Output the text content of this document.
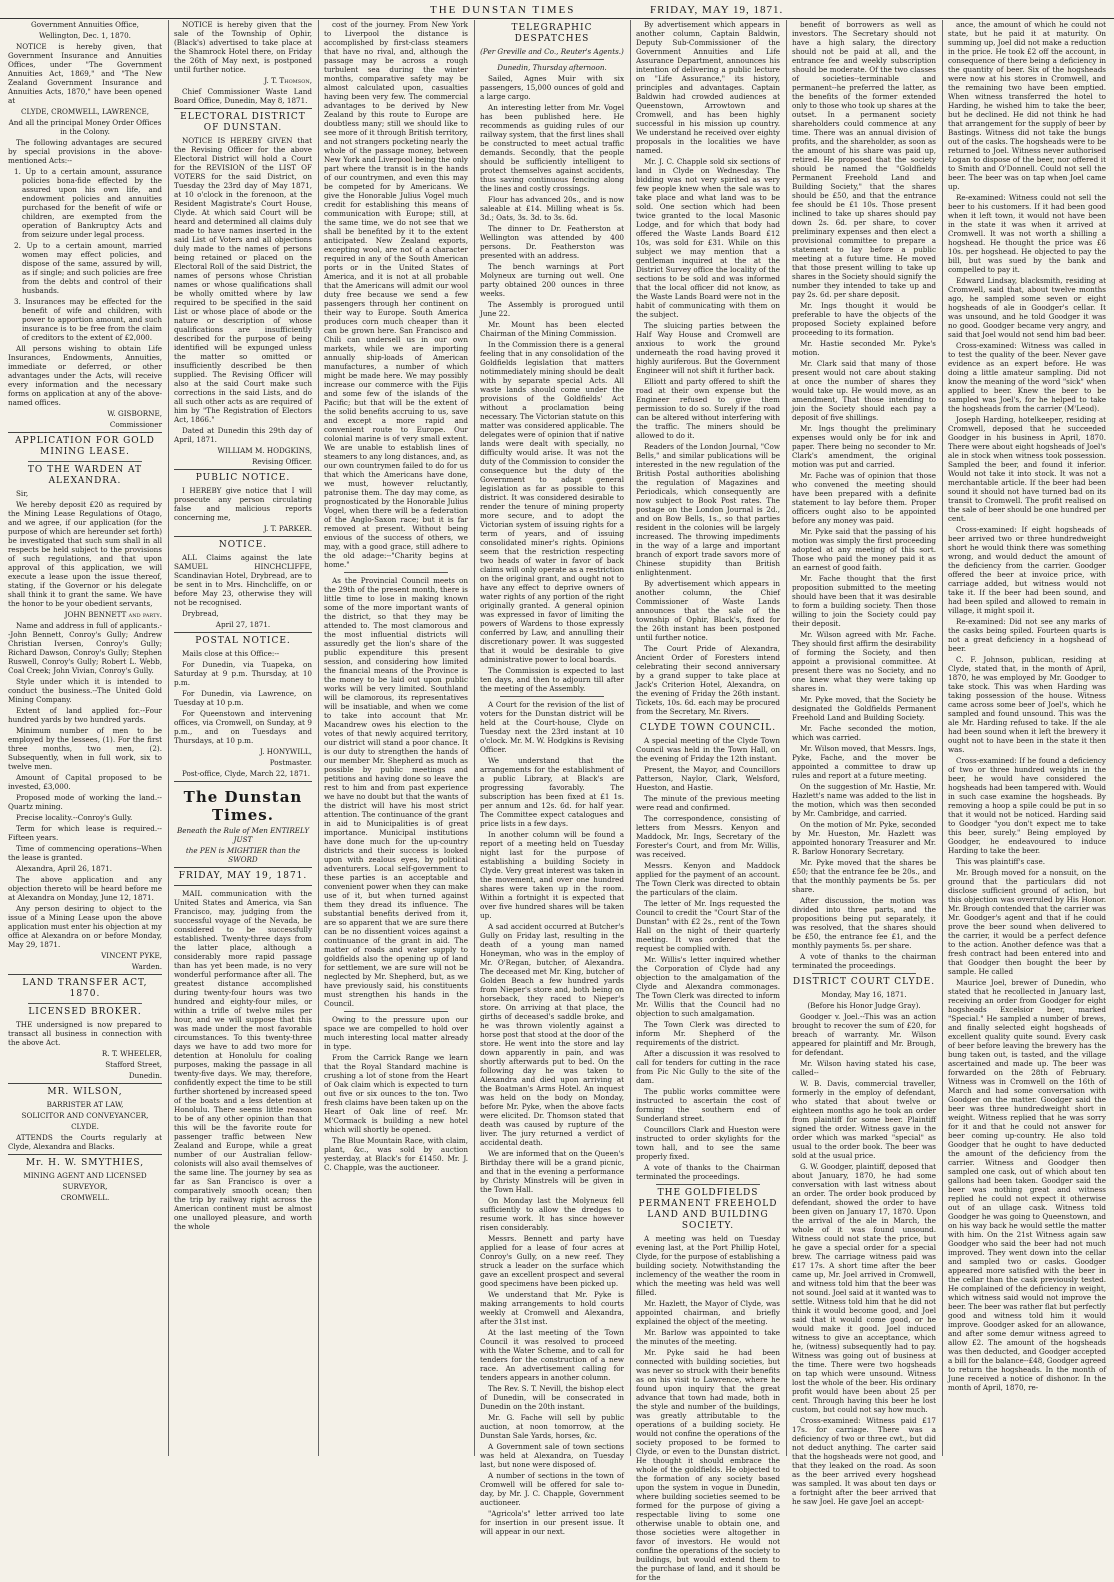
THE DUNSTAN TIMES	FRIDAY, MAY 19, 1871.

Government Annuities Office,

Wellington, Dec. 1, 1870.

NOTICE is hereby given, that Government Insurance and Annuities Offices, under "The Government Annuities Act, 1869," and "The New Zealand Government Insurance and Annuities Acts, 1870," have been opened at

CLYDE, CROMWELL, LAWRENCE,

And all the principal Money Order Offices in the Colony.

The following advantages are secured by special provisions in the above-mentioned Acts:--

1. Up to a certain amount, assurance policies bona-fide effected by the assured upon his own life, and endowment policies and annuities purchased for the benefit of wife or children, are exempted from the operation of Bankruptcy Acts and from seizure under legal process.

2. Up to a certain amount, married women may effect policies, and dispose of the same, assured by will, as if single; and such policies are free from the debts and control of their husbands.

3. Insurances may be effected for the benefit of wife and children, with power to apportion amount, and such insurance is to be free from the claim of creditors to the extent of £2,000.

All persons wishing to obtain Life Insurances, Endowments, Annuities, immediate or deferred, or other advantages under the Acts, will receive every information and the necessary forms on application at any of the above-named offices.

W. GISBORNE,

Commissioner

APPLICATION FOR GOLD MINING LEASE.

TO THE WARDEN AT ALEXANDRA.

Sir,

We hereby deposit £20 as required by the Mining Lease Regulations of Otago, and we agree, if our application (for the purpose of which are hereunder set forth) be investigated that such sum shall in all respects be held subject to the provisions of such regulations, and that upon approval of this application, we will execute a lease upon the issue thereof, stating, if the Governor or his delegate shall think it to grant the same. We have the honor to be your obedient servants,

JOHN BENNETT and party.

Name and address in full of applicants.--John Bennett, Conroy's Gully; Andrew Christian Iversen, Conroy's Gully; Richard Dawson, Conroy's Gully; Stephen Ruswell, Conroy's Gully; Robert L. Webb, Coal Creek; John Vivian, Conroy's Gully.

Style under which it is intended to conduct the business.--The United Gold Mining Company.

Extent of land applied for.--Four hundred yards by two hundred yards.

Minimum number of men to be employed by the lessees, (1). For the first three months, two men, (2). Subsequently, when in full work, six to twelve men.

Amount of Capital proposed to be invested, £3,000.

Proposed mode of working the land.--Quartz mining.

Precise locality.--Conroy's Gully.

Term for which lease is required.--Fifteen years.

Time of commencing operations--When the lease is granted.

Alexandra, April 26, 1871.

The above application and any objection thereto will be heard before me at Alexandra on Monday, June 12, 1871.

Any person desiring to object to the issue of a Mining Lease upon the above application must enter his objection at my office at Alexandra on or before Monday, May 29, 1871.

VINCENT PYKE,

Warden.

LAND TRANSFER ACT, 1870.

LICENSED BROKER.

THE undersigned is now prepared to transact all business in connection with the above Act.

R. T. WHEELER,

Stafford Street,

Dunedin.

MR. WILSON,

BARRISTER AT LAW,

SOLICITOR AND CONVEYANCER,

CLYDE.

ATTENDS the Courts regularly at Clyde, Alexandra and Blacks.

Mr. H. W. SMYTHIES,

MINING AGENT AND LICENSED

SURVEYOR,

CROMWELL.

NOTICE is hereby given that the sale of the Township of Ophir, (Black's) advertised to take place at the Shamrock Hotel there, on Friday the 26th of May next, is postponed until further notice.

J. T. Thomson,

Chief Commissioner Waste Land Board Office, Dunedin, May 8, 1871.

ELECTORAL DISTRICT OF DUNSTAN.

NOTICE IS HEREBY GIVEN that the Revising Officer for the above Electoral District will hold a Court for the REVISION of the LIST OF VOTERS for the said District, on Tuesday the 23rd day of May 1871, at 10 o'clock in the forenoon, at the Resident Magistrate's Court House, Clyde. At which said Court will be heard and determined all claims duly made to have names inserted in the said List of Voters and all objections duly made to the names of persons being retained or placed on the Electoral Roll of the said District, the names of persons whose Christian names or whose qualifications shall be wholly omitted where by law required to be specified in the said List or whose place of abode or the nature or description of whose qualifications are insufficiently described for the purpose of being identified will be expunged unless the matter so omitted or insufficiently described be then supplied. The Revising Officer will also at the said Court make such corrections in the said Lists, and do all such other acts as are required of him by "The Registration of Electors Act, 1866."

Dated at Dunedin this 29th day of April, 1871.

WILLIAM M. HODGKINS,

Revising Officer.

PUBLIC NOTICE.

I HEREBY give notice that I will prosecute any person circulating false and malicious reports concerning me,

J. T. PARKER.

NOTICE.

ALL Claims against the late SAMUEL HINCHCLIFFE, Scandinavian Hotel, Drybread, are to be sent in to Mrs. Hinchcliffe, on or before May 23, otherwise they will not be recognised.

Drybread,

April 27, 1871.

POSTAL NOTICE.

Mails close at this Office:--

For Dunedin, via Tuapeka, on Saturday at 9 p.m. Thursday, at 10 p.m.

For Dunedin, via Lawrence, on Tuesday at 10 p.m.

For Queenstown and intervening offices, via Cromwell, on Sunday, at 9 p.m., and on Tuesdays and Thursdays, at 10 p.m.

J. HONYWILL,

Postmaster.

Post-office, Clyde, March 22, 1871.

The Dunstan Times.

Beneath the Rule of Men ENTIRELY JUST

the PEN is MIGHTIER than the SWORD

FRIDAY, MAY 19, 1871.

MAIL communication with the United States and America, via San Francisco, may, judging from the successful voyage of the Nevada, be considered to be successfully established. Twenty-three days from the latter place, although a considerably more rapid passage than has yet been made, is no very wonderful performance after all. The greatest distance accomplished during twenty-four hours was two hundred and eighty-four miles, or within a trifle of twelve miles per hour, and we will suppose that this was made under the most favorable circumstances. To this twenty-three days we have to add two more for detention at Honolulu for coaling purposes, making the passage in all twenty-five days. We may, therefore, confidently expect the time to be still further shortened by increased speed of the boats and a less detention at Honolulu. There seems little reason to be of any other opinion than that this will be the favorite route for passenger traffic between New Zealand and Europe, while a great number of our Australian fellow-colonists will also avail themselves of the same line. The journey by sea as far as San Francisco is over a comparatively smooth ocean; then the trip by railway right across the American continent must be almost one unalloyed pleasure, and worth the whole

cost of the journey. From New York to Liverpool the distance is accomplished by first-class steamers that have no rival, and, although the passage may be across a rough turbulent sea during the winter months, comparative safety may be almost calculated upon, casualties having been very few. The commercial advantages to be derived by New Zealand by this route to Europe are doubtless many; still we should like to see more of it through British territory, and not strangers pocketing nearly the whole of the passage money, between New York and Liverpool being the only part where the transit is in the hands of our countrymen, and even this may be competed for by Americans. We give the Honorable Julius Vogel much credit for establishing this means of communication with Europe; still, at the same time, we do not see that we shall be benefited by it to the extent anticipated. New Zealand exports, excepting wool, are not of a character required in any of the South American ports or in the United States of America, and it is not at all probable that the Americans will admit our wool duty free because we send a few passengers through her continent on their way to Europe. South America produces corn much cheaper than it can be grown here. San Francisco and Chili can undersell us in our own markets, while we are importing annually ship-loads of American manufactures, a number of which might be made here. We may possibly increase our commerce with the Fijis and some few of the islands of the Pacific; but that will be the extent of the solid benefits accruing to us, save and except a more rapid and convenient route to Europe. Our colonial marine is of very small extent. We are unable to establish lines of steamers to any long distances, and, as our own countrymen failed to do for us that which the Americans have done, we must, however reluctantly, patronise them. The day may come, as prognosticated by the Honorable Julius Vogel, when there will be a federation of the Anglo-Saxon race; but it is far removed at present. Without being envious of the success of others, we may, with a good grace, still adhere to the old adage:--"Charity begins at home."

As the Provincial Council meets on the 29th of the present month, there is little time to lose in making known some of the more important wants of the district, so that they may be attended to. The most clamorous and the most influential districts will assuredly get the lion's share of the public expenditure this present session, and considering how limited the financial means of the Province is the money to be laid out upon public works will be very limited. Southland will be clamorous, its representatives will be insatiable, and when we come to take into account that Mr. Macandrew owes his election to the votes of that newly acquired territory, our district will stand a poor chance. It is our duty to strengthen the hands of our member Mr. Shepherd as much as possible by public meetings and petitions and having done so leave the rest to him and from past experience we have no doubt but that the wants of the district will have his most strict attention. The continuance of the grant in aid to Municipalities is of great importance. Municipal institutions have done much for the up-country districts and their success is looked upon with zealous eyes, by political adventurers. Local self-government to these parties is an acceptable and convenient power when they can make use of it, but when turned against them they dread its influence. The substantial benefits derived from it, are so apparent that we are sure there can be no dissentient voices against a continuance of the grant in aid. The matter of roads and water supply to goldfields also the opening up of land for settlement, we are sure will not be neglected by Mr. Shepherd, but, as we have previously said, his constituents must strengthen his hands in the Council.

Owing to the pressure upon our space we are compelled to hold over much interesting local matter already in type.

From the Carrick Range we learn that the Royal Standard machine is crushing a lot of stone from the Heart of Oak claim which is expected to turn out five or six ounces to the ton. Two fresh claims have been taken up on the Heart of Oak line of reef. Mr. M'Cormack is building a new hotel which will shortly be opened.

The Blue Mountain Race, with claim, plant, &c., was sold by auction yesterday, at Black's for £1450. Mr. J. C. Chapple, was the auctioneer.

TELEGRAPHIC DESPATCHES

(Per Greville and Co., Reuter's Agents.)

Dunedin, Thursday afternoon.

Sailed, Agnes Muir with six passengers, 15,000 ounces of gold and a large cargo.

An interesting letter from Mr. Vogel has been published here. He recommends as guiding rules of our railway system, that the first lines shall be constructed to meet actual traffic demands. Secondly, that the people should be sufficiently intelligent to protect themselves against accidents, thus saving continuous fencing along the lines and costly crossings.

Flour has advanced 20s., and is now saleable at £14. Milling wheat is 5s. 3d.; Oats, 3s. 3d. to 3s. 6d.

The dinner to Dr. Featherston at Wellington was attended by 400 persons. Dr. Featherston was presented with an address.

The bench warnings at Port Molyneux are turning out well. One party obtained 200 ounces in three weeks.

The Assembly is prorogued until June 22.

Mr. Mount has been elected Chairman of the Mining Commission.

In the Commission there is a general feeling that in any consolidation of the Goldfields legislation that matters notimmediately mining should be dealt with by separate special Acts. All waste lands should come under the provisions of the Goldfields' Act without a proclamation being necessary. The Victorian statute on this matter was considered applicable. The delegates were of opinion that if native lands were dealt with specially, no difficulty would arise. It was not the duty of the Commission to consider the consequence but the duty of the Government to adapt general legislation as far as possible to this district. It was considered desirable to render the tenure of mining property more secure, and to adopt the Victorian system of issuing rights for a term of years, and of issuing consolidated miner's rights. Opinions seem that the restriction respecting two heads of water in favor of back claims will only operate as a restriction on the original grant, and ought not to have any effect to deprive owners of water rights of any portion of the right originally granted. A general opinion was expressed in favor of limiting the powers of Wardens to those expressly conferred by Law, and annulling their discretionary power. It was suggested that it would be desirable to give administrative power to local boards.

The Commission is expected to last ten days, and then to adjourn till after the meeting of the Assembly.

A Court for the revision of the list of voters for the Dunstan district will be held at the Court-house, Clyde on Tuesday next the 23rd instant at 10 o'clock. Mr. M. W. Hodgkins is Revising Officer.

We understand that the arrangements for the establishment of a public Library, at Black's are progressing favorably. The subscription has been fixed at £1 1s. per annum and 12s. 6d. for half year. The Committee expect catalogues and price lists in a few days.

In another column will be found a report of a meeting held on Tuesday night last for the purpose of establishing a building Society in Clyde. Very great interest was taken in the movement, and over one hundred shares were taken up in the room. Within a fortnight it is expected that over five hundred shares will be taken up.

A sad accident occurred at Butcher's Gully on Friday last, resulting in the death of a young man named Honeyman, who was in the employ of Mr. O'Regan, butcher, of Alexandra. The deceased met Mr. King, butcher of Golden Beach a few hundred yards from Nieper's store and, both being on horseback, they raced to Nieper's store. On arriving at that place, the girths of deceased's saddle broke, and he was thrown violently against a horse post that stood at the door of the store. He went into the store and lay down apparently in pain, and was shortly afterwards put to bed. On the following day he was taken to Alexandra and died upon arriving at the Boatman's Arms Hotel. An inquest was held on the body on Monday, before Mr. Pyke, when the above facts were elicited. Dr. Thomson stated that death was caused by rupture of the liver. The jury returned a verdict of accidental death.

We are informed that on the Queen's Birthday there will be a grand picnic, and that in the evening a performance by Christy Minstrels will be given in the Town Hall.

On Monday last the Molyneux fell sufficiently to allow the dredges to resume work. It has since however risen considerably.

Messrs. Bennett and party have applied for a lease of four acres at Conroy's Gully, on a new reef. They struck a leader on the surface which gave an excellent prospect and several good specimens have been picked up.

We understand that Mr. Pyke is making arrangements to hold courts weekly at Cromwell and Alexandra, after the 31st inst.

At the last meeting of the Town Council it was resolved to proceed with the Water Scheme, and to call for tenders for the construction of a new race. An advertisement calling for tenders appears in another column.

The Rev. S. T. Nevill, the bishop elect of Dunedin, will be consecrated in Dunedin on the 20th instant.

Mr. G. Fache will sell by public auction, at noon tomorrow, at the Dunstan Sale Yards, horses, &c.

A Government sale of town sections was held at Alexandra, on Tuesday last, but none were disposed of.

A number of sections in the town of Cromwell will be offered for sale to-day, by Mr. J. C. Chapple, Government auctioneer.

"Agricola's" letter arrived too late for insertion in our present issue. It will appear in our next.

By advertisement which appears in another column, Captain Baldwin, Deputy Sub-Commissioner of the Government Annuities and Life Assurance Department, announces his intention of delivering a public lecture on "Life Assurance," its history, principles and advantages. Captain Baldwin had crowded audiences at Queenstown, Arrowtown and Cromwell, and has been highly successful in his mission up country. We understand he received over eighty proposals in the localities we have named.

Mr. J. C. Chapple sold six sections of land in Clyde on Wednesday. The bidding was not very spirited as very few people knew when the sale was to take place and what land was to be sold. One section which had been twice granted to the local Masonic Lodge, and for which that body had offered the Waste Lands Board £12 10s, was sold for £31. While on this subject we may mention that a gentleman inquired at the at the District Survey office the locality of the sections to be sold and was informed that the local officer did not know, as the Waste Lands Board were not in the habit of communicating with them on the subject.

The sluicing parties between the Half Way House and Cromwell are anxious to work the ground underneath the road having proved it highly auriferous. But the Government Engineer will not shift it further back.

Elliott and party offered to shift the road at their own expense but the Engineer refused to give them permission to do so. Surely if the road can be altered without interfering with the traffic. The miners should be allowed to do it.

Readers of the London Journal, "Cow Bells," and similar publications will be interested in the new regulation of the British Postal authorities abolishing the regulation of Magazines and Periodicals, which consequently are now subject to Book Post rates. The postage on the London Journal is 2d., and on Bow Bells, 1s., so that parties resident in the colonies will be largely increased. The throwing impediments in the way of a large and important branch of export trade savors more of Chinese stupidity than British enlightenment.

By advertisement which appears in another column, the Chief Commissioner of Waste Lands announces that the sale of the township of Ophir, Black's, fixed for the 26th instant has been postponed until further notice.

The Court Pride of Alexandra, Ancient Order of Foresters intend celebrating their second anniversary by a grand supper to take place at Jack's Criterion Hotel, Alexandra, on the evening of Friday the 26th instant. Tickets, 10s. 6d. each may be procured from the Secretary, Mr. Rivers.

CLYDE TOWN COUNCIL.

A special meeting of the Clyde Town Council was held in the Town Hall, on the evening of Friday the 12th instant.

Present, the Mayor, and Councillors Patterson, Naylor, Clark, Welsford, Hueston, and Hastie.

The minute of the previous meeting were read and confirmed.

The correspondence, consisting of letters from Messrs. Kenyon and Maddock, Mr. Ings, Secretary of the Forester's Court, and from Mr. Willis, was received.

Messrs. Kenyon and Maddock applied for the payment of an account. The Town Clerk was directed to obtain the particulars of the claim.

The letter of Mr. Ings requested the Council to credit the "Court Star of the Dunstan" with £2 2s., rent of the Town Hall on the night of their quarterly meeting. It was ordered that the request be complied with.

Mr. Willis's letter inquired whether the Corporation of Clyde had any objection to the amalgamation of the Clyde and Alexandra commonages. The Town Clerk was directed to inform Mr. Willis that the Council had no objection to such amalgamation.

The Town Clerk was directed to inform Mr. Shepherd of the requirements of the district.

After a discussion it was resolved to call for tenders for cutting in the race from Pic Nic Gully to the site of the dam.

The public works committee were instructed to ascertain the cost of forming the southern end of Sunderland street.

Councillors Clark and Hueston were instructed to order skylights for the town hall, and to see the same properly fixed.

A vote of thanks to the Chairman terminated the proceedings.

THE GOLDFIELDS PERMANENT FREEHOLD LAND AND BUILDING SOCIETY.

A meeting was held on Tuesday evening last, at the Port Phillip Hotel, Clyde, for the purpose of establishing a building society. Notwithstanding the inclemency of the weather the room in which the meeting was held was well filled.

Mr. Hazlett, the Mayor of Clyde, was appointed chairman, and briefly explained the object of the meeting.

Mr. Barlow was appointed to take the minutes of the meeting.

Mr. Pyke said he had been connected with building societies, but was never so struck with their benefits as on his visit to Lawrence, where he found upon inquiry that the great advance that town had made, both in the style and number of the buildings, was greatly attributable to the operations of a building society. He would not confine the operations of the society proposed to be formed to Clyde, or even to the Dunstan district. He thought it should embrace the whole of the goldfields. He objected to the formation of any society based upon the system in vogue in Dunedin, where building societies seemed to be formed for the purpose of giving a respectable living to some one otherwise unable to obtain one, and those societies were altogether in favor of investors. He would not confine the operations of the society to buildings, but would extend them to the purchase of land, and it should be for the

benefit of borrowers as well as investors. The Secretary should not have a high salary, the directory should not be paid at all, and the entrance fee and weekly subscription should be moderate. Of the two classes of societies--terminable and permanent--he preferred the latter, as the benefits of the former extended only to those who took up shares at the outset. In a permanent society shareholders could commence at any time. There was an annual division of profits, and the shareholder, as soon as the amount of his share was paid up, retired. He proposed that the society should be named the "Goldfields Permanent Freehold Land and Building Society," that the shares should be £50, and that the entrance fee should be £1 10s. Those present inclined to take up shares should pay down 2s. 6d. per share, to cover preliminary expenses and then elect a provisional committee to prepare a statement to lay before a public meeting at a future time. He moved that those present willing to take up shares in the Society should signify the number they intended to take up and pay 2s. 6d. per share deposit.

Mr. Ings thought it would be preferable to have the objects of the proposed Society explained before proceeding to its formation.

Mr. Hastie seconded Mr. Pyke's motion.

Mr. Clark said that many of those present would not care about staking at once the number of shares they would take up. He would move, as an amendment, That those intending to join the Society should each pay a deposit of five shillings.

Mr. Ings thought the preliminary expenses would only be for ink and paper. There being no seconder to Mr. Clark's amendment, the original motion was put and carried.

Mr. Fache was of opinion that those who convened the meeting should have been prepared with a definite statement to lay before them. Proper officers ought also to be appointed before any money was paid.

Mr. Pyke said that the passing of his motion was simply the first proceeding adopted at any meeting of this sort. Those who paid the money paid it as an earnest of good faith.

Mr. Fache thought that the first proposition submitted to the meeting should have been that it was desirable to form a building society. Then those willing to join the Society could pay their deposit.

Mr. Wilson agreed with Mr. Fache. They should first affirm the desirability of forming the Society, and then appoint a provisional committee. At present there was no Society, and no one knew what they were taking up shares in.

Mr. Pyke moved, that the Society be designated the Goldfields Permanent Freehold Land and Building Society.

Mr. Fache seconded the motion, which was carried.

Mr. Wilson moved, that Messrs. Ings, Pyke, Fache, and the mover be appointed a committee to draw up rules and report at a future meeting.

On the suggestion of Mr. Hastie, Mr. Hazlett's name was added to the list in the motion, which was then seconded by Mr. Cambridge, and carried.

On the motion of Mr. Pyke, seconded by Mr. Hueston, Mr. Hazlett was appointed honorary Treasurer and Mr. R. Barlow Honorary Secretary.

Mr. Pyke moved that the shares be £50; that the entrance fee be 20s., and that the monthly payments be 5s. per share.

After discussion, the motion was divided into three parts, and the propositions being put separately, it was resolved, that the shares should be £50, the entrance fee £1, and the monthly payments 5s. per share.

A vote of thanks to the chairman terminated the proceedings.

DISTRICT COURT CLYDE.

Monday, May 16, 1871.

(Before his Honor Judge Gray).

Goodger v. Joel.--This was an action brought to recover the sum of £20, for breach of warranty. Mr. Wilson appeared for plaintiff and Mr. Brough, for defendant.

Mr. Wilson having stated his case, called--

W. B. Davis, commercial traveller, formerly in the employ of defendant, who stated that about twelve or eighteen months ago he took an order from plaintiff for some beer. Plaintiff signed the order. Witness gave in the order which was marked "special" as usual to the order book. The beer was sold at the usual price.

G. W. Goodger, plaintiff, deposed that about January, 1870, he had some conversation with last witness about an order. The order book produced by defendant, showed the order to have been given on January 17, 1870. Upon the arrival of the ale in March, the whole of it was found unsound. Witness could not state the price, but he gave a special order for a special brew. The carriage witness paid was £17 17s. A short time after the beer came up, Mr. Joel arrived in Cromwell, and witness told him that the beer was not sound. Joel said at it wanted was to settle. Witness told him that he did not think it would become good, and Joel said that it would come good, or he would make it good. Joel induced witness to give an acceptance, which he, (witness) subsequently had to pay. Witness was going out of business at the time. There were two hogsheads on tap which were unsound. Witness lost the whole of the beer. His ordinary profit would have been about 25 per cent. Through having this beer he lost custom, but could not say how much.

Cross-examined: Witness paid £17 17s. for carriage. There was a deficiency of two or three cwt., but did not deduct anything. The carter said that the hogsheads were not good, and that they leaked on the road. As soon as the beer arrived every hogshead was sampled. It was about ten days or a fortnight after the beer arrived that he saw Joel. He gave Joel an accept-

ance, the amount of which he could not state, but he paid it at maturity. On summing up, Joel did not make a reduction in the price. He took £2 off the account, in consequence of there being a deficiency in the quantity of beer. Six of the hogsheads were now at his stores in Cromwell, and the remaining two have been emptied. When witness transferred the hotel to Harding, he wished him to take the beer, but he declined. He did not think he had that arrangement for the supply of beer by Bastings. Witness did not take the bungs out of the casks. The hogsheads were to be returned to Joel. Witness never authorised Logan to dispose of the beer, nor offered it to Smith and O'Donnell. Could not sell the beer. The beer was on tap when Joel came up.

Re-examined: Witness could not sell the beer to his customers. If it had been good when it left town, it would not have been in the state it was when it arrived at Cromwell. It was not worth a shilling a hogshead. He thought the price was £6 10s. per hogshead. He objected to pay the bill, but was sued by the bank and compelled to pay it.

Edward Lindsay, blacksmith, residing at Cromwell, said that, about twelve months ago, he sampled some seven or eight hogsheads of ale in Goodger's cellar. It was unsound, and he told Goodger it was no good. Goodger became very angry, and said that Joel would not send him bad beer.

Cross-examined: Witness was called in to test the quality of the beer. Never gave evidence as an expert before. He was doing a little amateur sampling. Did not know the meaning of the word "sick" when applied to beer. Knew the beer to be sampled was Joel's, for he helped to take the hogsheads from the carrier (M'Leod).

Joseph Harding, hotelkeeper, residing at Cromwell, deposed that he succeeded Goodger in his business in April, 1870. There were about eight hogsheads of Joel's ale in stock when witness took possession. Sampled the beer, and found it inferior. Would not take it into stock. It was not a merchantable article. If the beer had been sound it should not have turned bad on its transit to Cromwell. The profit realised on the sale of beer should be one hundred per cent.

Cross-examined: If eight hogsheads of beer arrived two or three hundredweight short he would think there was something wrong, and would deduct the amount of the deficiency from the carrier. Goodger offered the beer at invoice price, with carriage added, but witness would not take it. If the beer had been sound, and had been spiled and allowed to remain in village, it might spoil it.

Re-examined: Did not see any marks of the casks being spiled. Fourteen quarts is not a great deficiency in a hogshead of beer.

C. F. Johnson, publican, residing at Clyde, stated that, in the month of April, 1870, he was employed by Mr. Goodger to take stock. This was when Harding was taking possession of the house. Witness came across some beer of Joel's, which he sampled and found unsound. This was the ale Mr. Harding refused to take. If the ale had been sound when it left the brewery it ought not to have been in the state it then was.

Cross-examined: If he found a deficiency of two or three hundred weights in the beer, he would have considered the hogsheads had been tampered with. Would in such case examine the hogsheads. By removing a hoop a spile could be put in so that it would not be noticed. Harding said to Goodger "you don't expect me to take this beer, surely." Being employed by Goodger, he endeavoured to induce Harding to take the beer.

This was plaintiff's case.

Mr. Brough moved for a nonsuit, on the ground that the particulars did not disclose sufficient ground of action, but this objection was overruled by His Honor. Mr. Brough contended that the carrier was Mr. Goodger's agent and that if he could prove the beer sound when delivered to the carrier, it would be a perfect defence to the action. Another defence was that a fresh contract had been entered into and that Goodger then bought the beer by sample. He called

Maurice Joel, brewer of Dunedin, who stated that he recollected in January last, receiving an order from Goodger for eight hogsheads Excelsior beer, marked "Special." He sampled a number of brews, and finally selected eight hogsheads of excellent quality quite sound. Every cask of beer before leaving the brewery has the bung taken out, is tasted, and the village ascertained and made up. The beer was forwarded on the 28th of February. Witness was in Cromwell on the 16th of March and had some conversation with Goodger on the matter. Goodger said the beer was three hundredweight short in weight. Witness replied that he was sorry for it and that he could not answer for beer coming up-country. He also told Goodger that he ought to have deducted the amount of the deficiency from the carrier. Witness and Goodger then sampled one cask, out of which about ten gallons had been taken. Goodger said the beer was nothing great and witness replied he could not expect it otherwise out of an ullage cask. Witness told Goodger he was going to Queenstown, and on his way back he would settle the matter with him. On the 21st Witness again saw Goodger who said the beer had not much improved. They went down into the cellar and sampled two or casks. Goodger appeared more satisfied with the beer in the cellar than the cask previously tested. He complained of the deficiency in weight, which witness said would not improve the beer. The beer was rather flat but perfectly good and witness told him it would improve. Goodger asked for an allowance, and after some demur witness agreed to allow £2. The amount of the hogsheads was then deducted, and Goodger accepted a bill for the balance--£48, Goodger agreed to return the hogsheads. In the month of June received a notice of dishonor. In the month of April, 1870, re-
